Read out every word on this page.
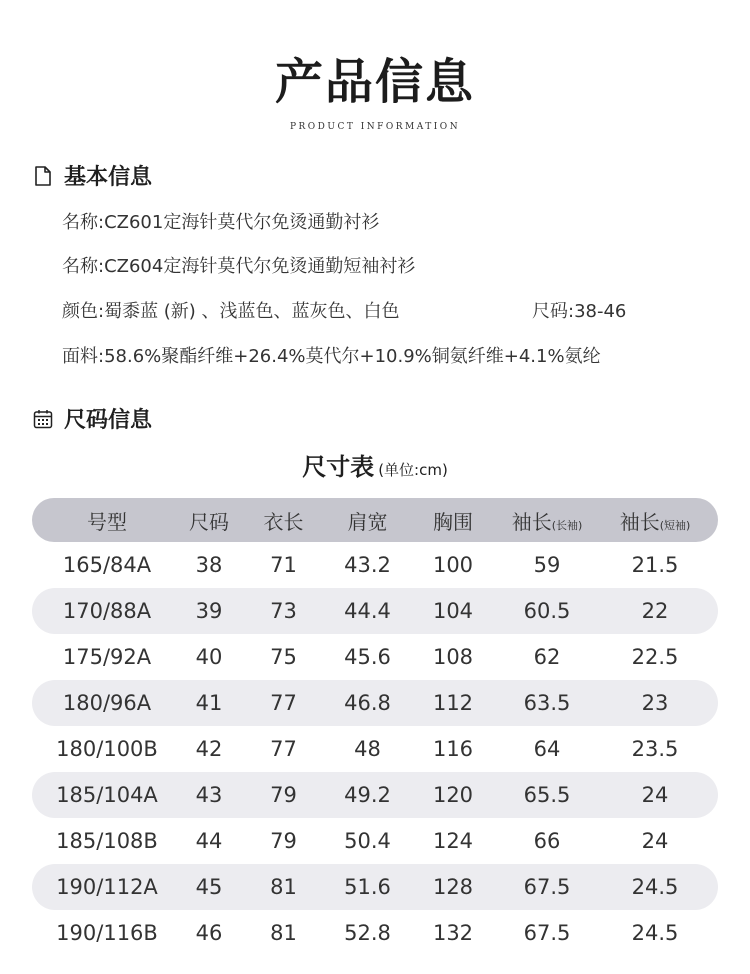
产品信息
PRODUCT INFORMATION
基本信息
名称:CZ601定海针莫代尔免烫通勤衬衫
名称:CZ604定海针莫代尔免烫通勤短袖衬衫
颜色:蜀黍蓝 (新) 、浅蓝色、蓝灰色、白色	尺码:38-46
面料:58.6%聚酯纤维+26.4%莫代尔+10.9%铜氨纤维+4.1%氨纶
尺码信息
尺寸表 (单位:cm)
号型	尺码	衣长	肩宽	胸围	袖长(长袖)	袖长(短袖)
165/84A	38	71	43.2	100	59	21.5
170/88A	39	73	44.4	104	60.5	22
175/92A	40	75	45.6	108	62	22.5
180/96A	41	77	46.8	112	63.5	23
180/100B	42	77	48	116	64	23.5
185/104A	43	79	49.2	120	65.5	24
185/108B	44	79	50.4	124	66	24
190/112A	45	81	51.6	128	67.5	24.5
190/116B	46	81	52.8	132	67.5	24.5
